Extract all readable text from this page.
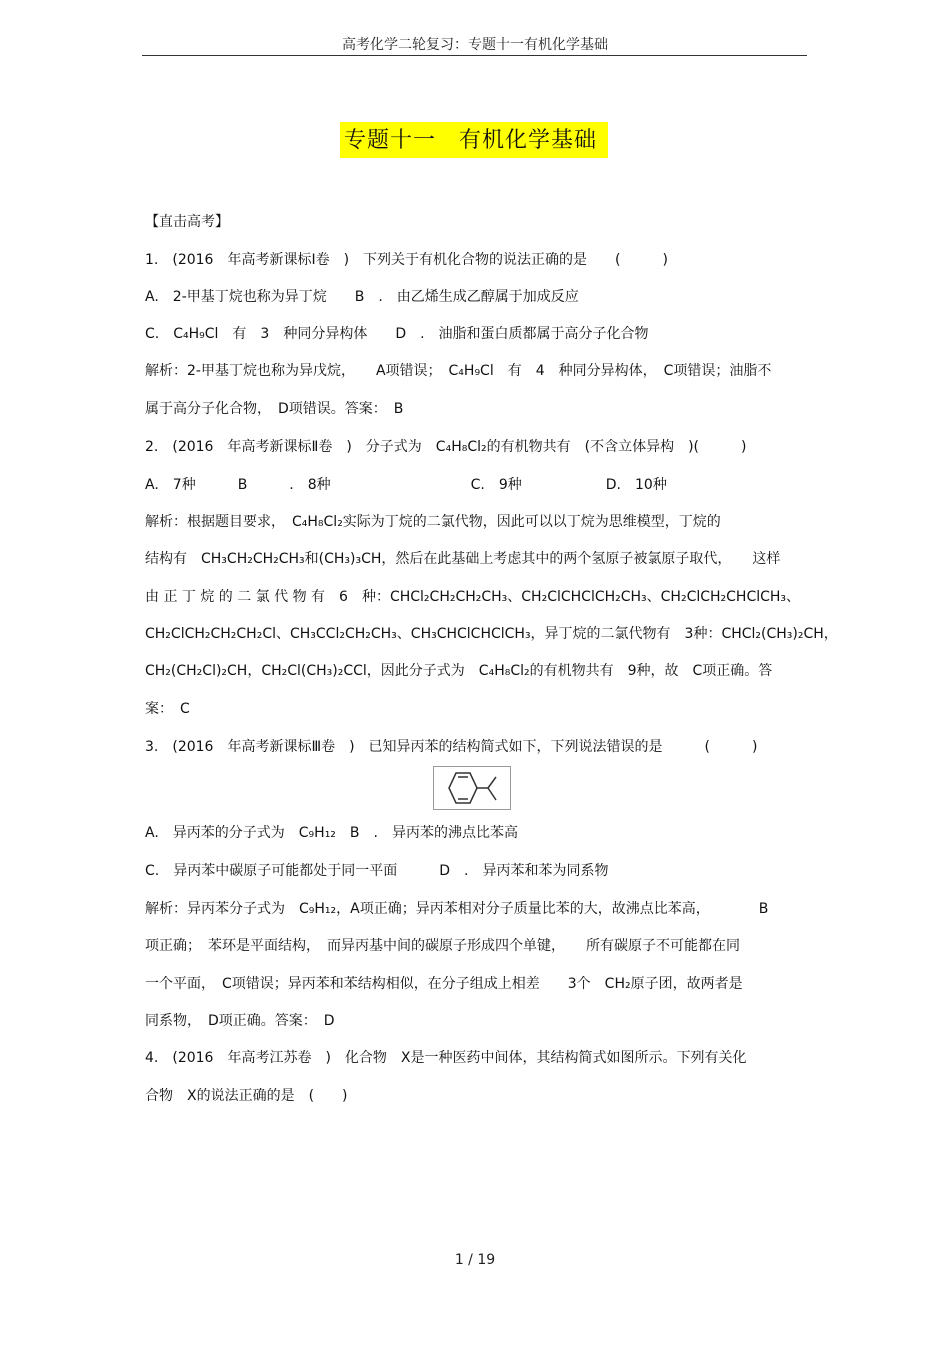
高考化学二轮复习：专题十一有机化学基础
专题十一　有机化学基础
【直击高考】
1.　(2016　年高考新课标Ⅰ卷　)　下列关于有机化合物的说法正确的是　　(　　　)
A.　2-甲基丁烷也称为异丁烷　　B　.　由乙烯生成乙醇属于加成反应
C.　C₄H₉Cl　有　3　种同分异构体　　D　.　油脂和蛋白质都属于高分子化合物
解析：2-甲基丁烷也称为异戊烷，　　A项错误；　C₄H₉Cl　有　4　种同分异构体，　C项错误；油脂不
属于高分子化合物，　D项错误。答案：　B
2.　(2016　年高考新课标Ⅱ卷　)　分子式为　C₄H₈Cl₂的有机物共有　(不含立体异构　)(　　　)
A.　7种　　　B　　　.　8种　　　　　　　　　　C.　9种　　　　　　D.　10种
解析：根据题目要求，　C₄H₈Cl₂实际为丁烷的二氯代物，因此可以以丁烷为思维模型，丁烷的
结构有　CH₃CH₂CH₂CH₃和(CH₃)₃CH，然后在此基础上考虑其中的两个氢原子被氯原子取代，　　这样
由 正 丁 烷 的 二 氯 代 物 有　6　种：CHCl₂CH₂CH₂CH₃、CH₂ClCHClCH₂CH₃、CH₂ClCH₂CHClCH₃、
CH₂ClCH₂CH₂CH₂Cl、CH₃CCl₂CH₂CH₃、CH₃CHClCHClCH₃，异丁烷的二氯代物有　3种：CHCl₂(CH₃)₂CH，
CH₂(CH₂Cl)₂CH，CH₂Cl(CH₃)₂CCl，因此分子式为　C₄H₈Cl₂的有机物共有　9种，故　C项正确。答
案：　C
3.　(2016　年高考新课标Ⅲ卷　)　已知异丙苯的结构简式如下，下列说法错误的是　　　(　　　)
A.　异丙苯的分子式为　C₉H₁₂　B　.　异丙苯的沸点比苯高
C.　异丙苯中碳原子可能都处于同一平面　　　D　.　异丙苯和苯为同系物
解析：异丙苯分子式为　C₉H₁₂，A项正确；异丙苯相对分子质量比苯的大，故沸点比苯高，　　　　B
项正确；　苯环是平面结构，　而异丙基中间的碳原子形成四个单键，　　所有碳原子不可能都在同
一个平面，　C项错误；异丙苯和苯结构相似，在分子组成上相差　　3个　CH₂原子团，故两者是
同系物，　D项正确。答案：　D
4.　(2016　年高考江苏卷　)　化合物　X是一种医药中间体，其结构简式如图所示。下列有关化
合物　X的说法正确的是　(　　)
1 / 19
